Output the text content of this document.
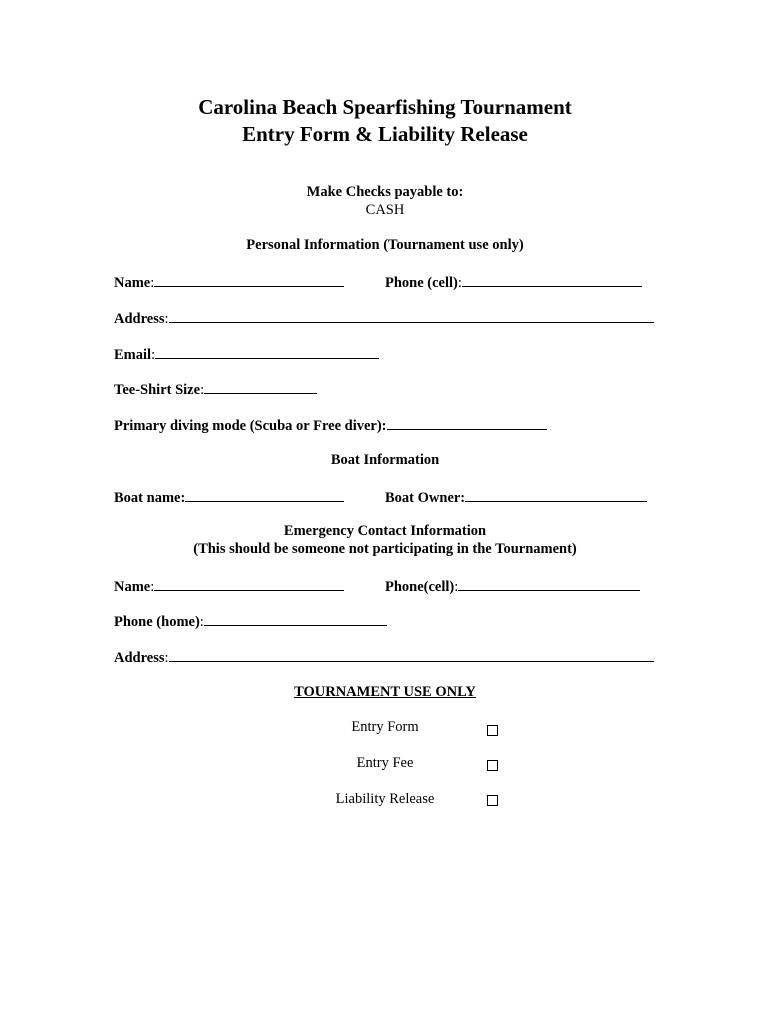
Carolina Beach Spearfishing Tournament
Entry Form & Liability Release
Make Checks payable to:
CASH
Personal Information (Tournament use only)
Name:	Phone (cell):
Address:
Email:
Tee-Shirt Size:
Primary diving mode (Scuba or Free diver):
Boat Information
Boat name:	Boat Owner:
Emergency Contact Information
(This should be someone not participating in the Tournament)
Name:	Phone(cell):
Phone (home):
Address:
TOURNAMENT USE ONLY
Entry Form
Entry Fee
Liability Release
